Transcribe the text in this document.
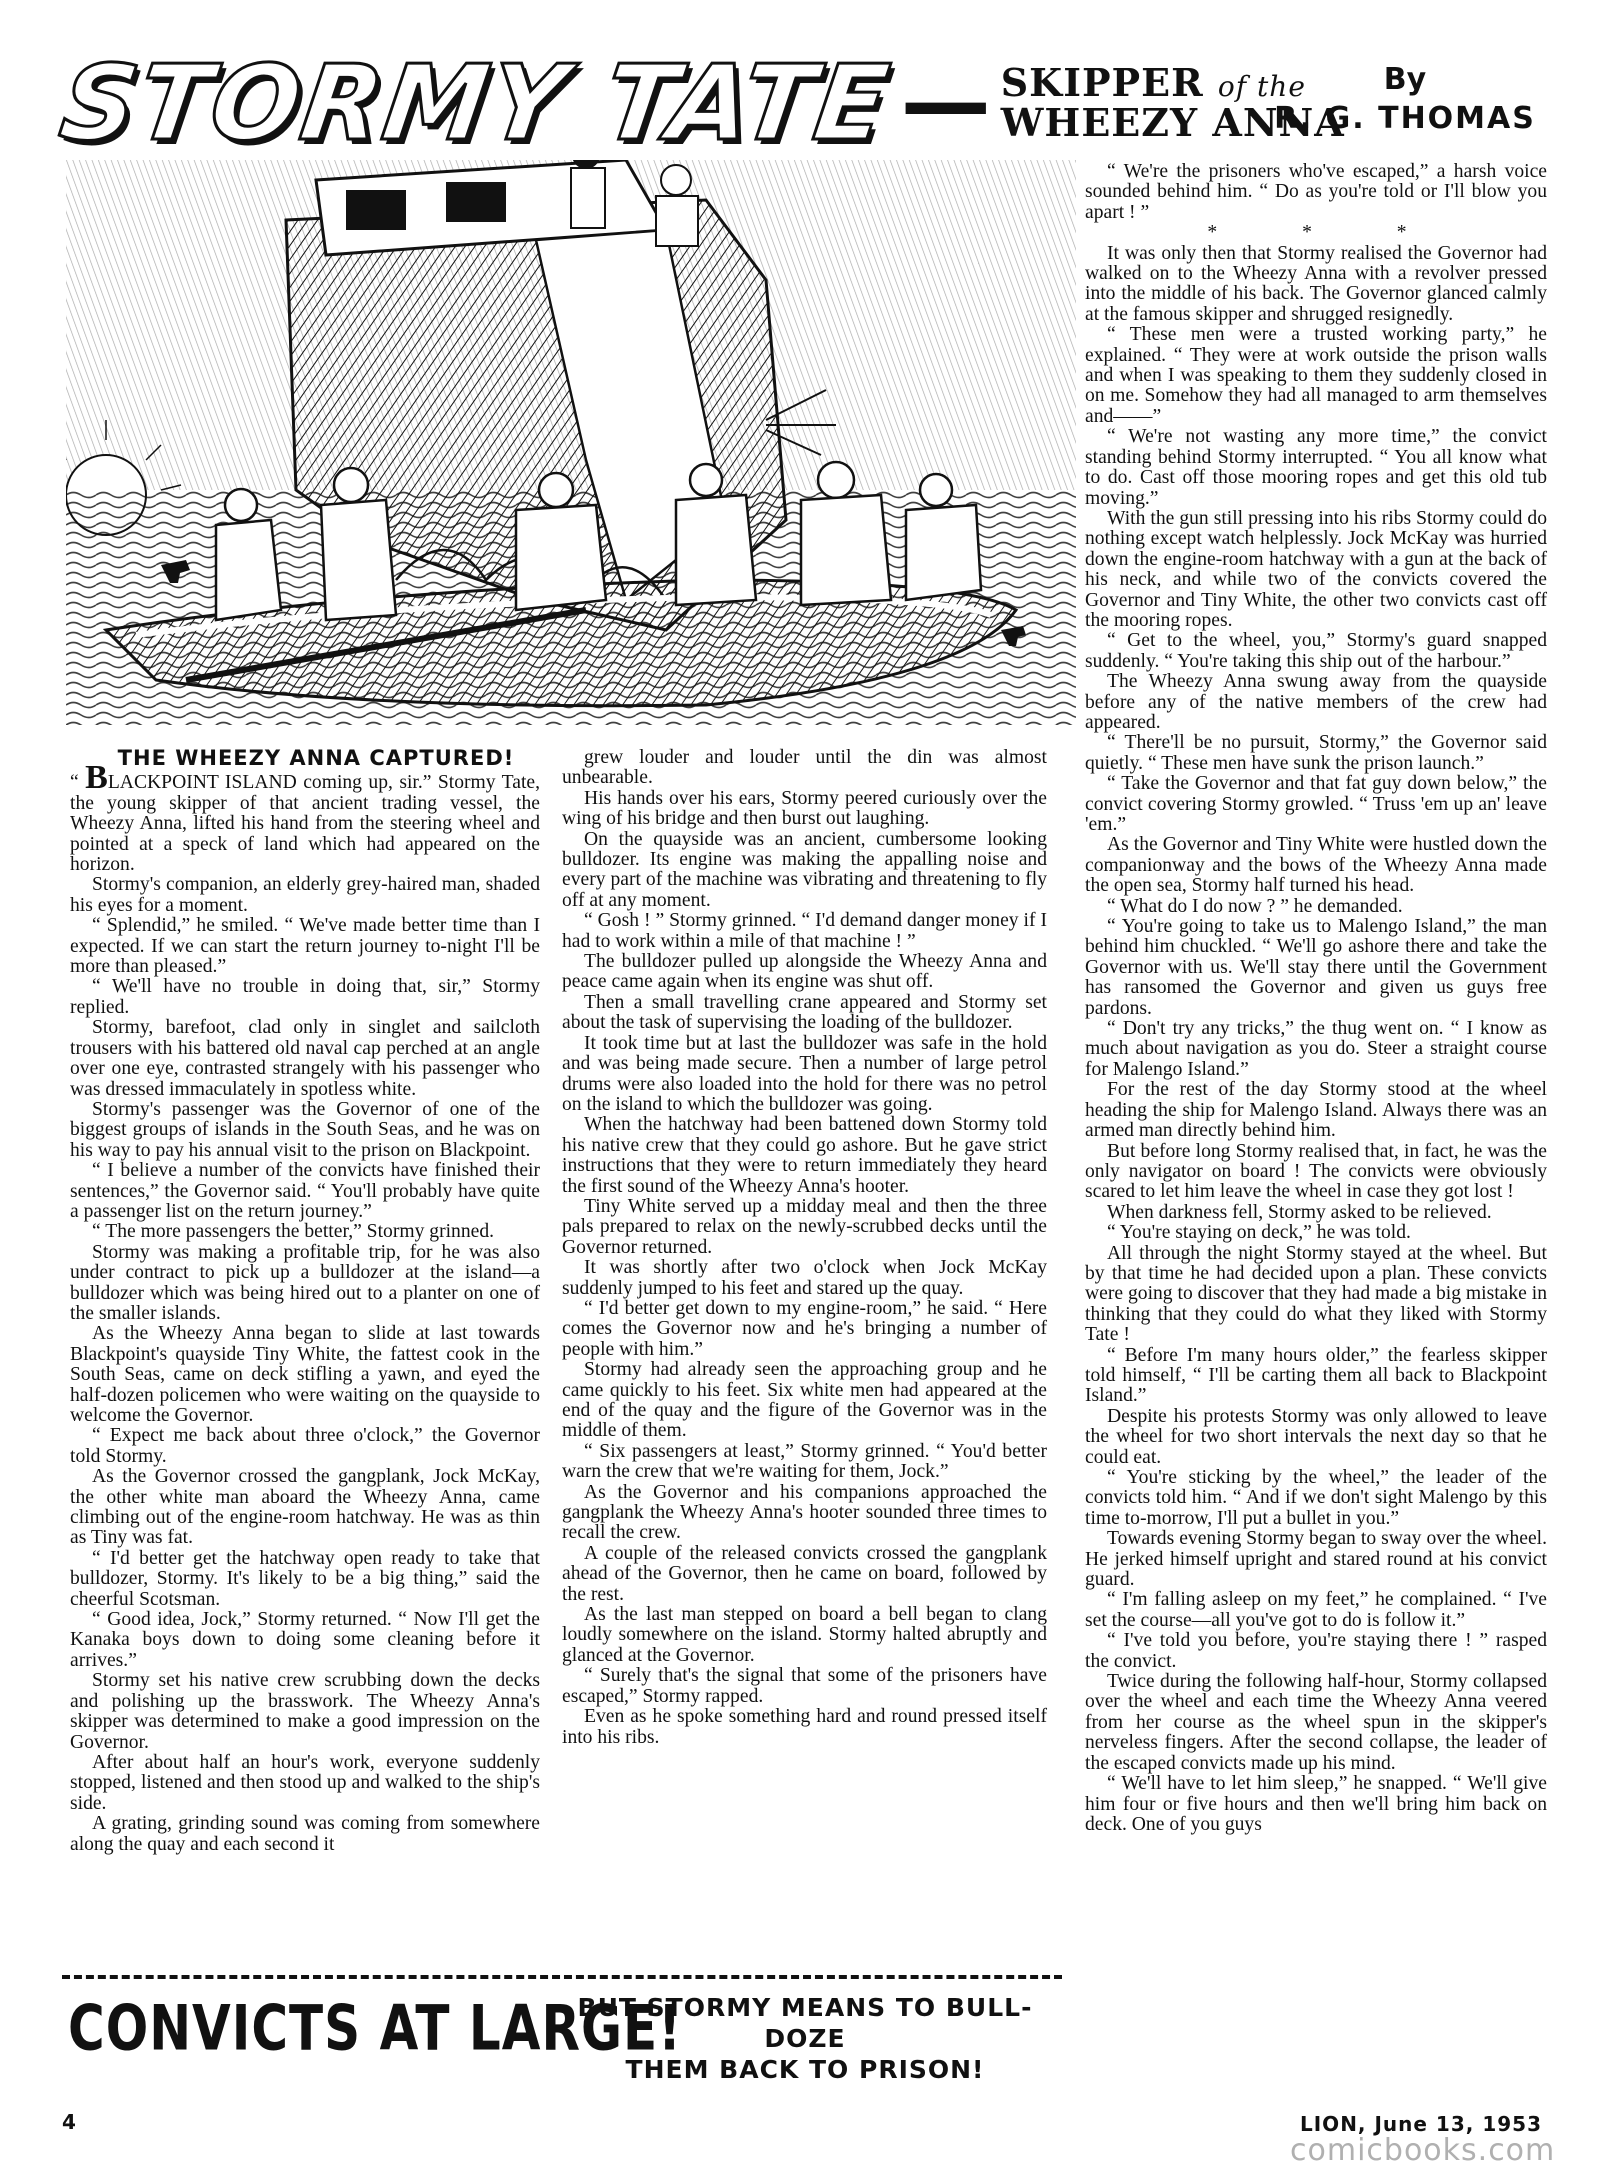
STORMY TATE — SKIPPER of the
WHEEZY ANNA
By
R. G. THOMAS

THE WHEEZY ANNA CAPTURED!

“ BLACKPOINT ISLAND coming up, sir.” Stormy Tate, the young skipper of that ancient trading vessel, the Wheezy Anna, lifted his hand from the steering wheel and pointed at a speck of land which had appeared on the horizon.

Stormy's companion, an elderly grey-haired man, shaded his eyes for a moment.

“ Splendid,” he smiled. “ We've made better time than I expected. If we can start the return journey to-night I'll be more than pleased.”

“ We'll have no trouble in doing that, sir,” Stormy replied.

Stormy, barefoot, clad only in singlet and sailcloth trousers with his battered old naval cap perched at an angle over one eye, contrasted strangely with his passenger who was dressed immaculately in spotless white.

Stormy's passenger was the Governor of one of the biggest groups of islands in the South Seas, and he was on his way to pay his annual visit to the prison on Blackpoint.

“ I believe a number of the convicts have finished their sentences,” the Governor said. “ You'll probably have quite a passenger list on the return journey.”

“ The more passengers the better,” Stormy grinned.

Stormy was making a profitable trip, for he was also under contract to pick up a bulldozer at the island—a bulldozer which was being hired out to a planter on one of the smaller islands.

As the Wheezy Anna began to slide at last towards Blackpoint's quayside Tiny White, the fattest cook in the South Seas, came on deck stifling a yawn, and eyed the half-dozen policemen who were waiting on the quayside to welcome the Governor.

“ Expect me back about three o'clock,” the Governor told Stormy.

As the Governor crossed the gangplank, Jock McKay, the other white man aboard the Wheezy Anna, came climbing out of the engine-room hatchway. He was as thin as Tiny was fat.

“ I'd better get the hatchway open ready to take that bulldozer, Stormy. It's likely to be a big thing,” said the cheerful Scotsman.

“ Good idea, Jock,” Stormy returned. “ Now I'll get the Kanaka boys down to doing some cleaning before it arrives.”

Stormy set his native crew scrubbing down the decks and polishing up the brasswork. The Wheezy Anna's skipper was determined to make a good impression on the Governor.

After about half an hour's work, everyone suddenly stopped, listened and then stood up and walked to the ship's side.

A grating, grinding sound was coming from somewhere along the quay and each second it

grew louder and louder until the din was almost unbearable.

His hands over his ears, Stormy peered curiously over the wing of his bridge and then burst out laughing.

On the quayside was an ancient, cumbersome looking bulldozer. Its engine was making the appalling noise and every part of the machine was vibrating and threatening to fly off at any moment.

“ Gosh ! ” Stormy grinned. “ I'd demand danger money if I had to work within a mile of that machine ! ”

The bulldozer pulled up alongside the Wheezy Anna and peace came again when its engine was shut off.

Then a small travelling crane appeared and Stormy set about the task of supervising the loading of the bulldozer.

It took time but at last the bulldozer was safe in the hold and was being made secure. Then a number of large petrol drums were also loaded into the hold for there was no petrol on the island to which the bulldozer was going.

When the hatchway had been battened down Stormy told his native crew that they could go ashore. But he gave strict instructions that they were to return immediately they heard the first sound of the Wheezy Anna's hooter.

Tiny White served up a midday meal and then the three pals prepared to relax on the newly-scrubbed decks until the Governor returned.

It was shortly after two o'clock when Jock McKay suddenly jumped to his feet and stared up the quay.

“ I'd better get down to my engine-room,” he said. “ Here comes the Governor now and he's bringing a number of people with him.”

Stormy had already seen the approaching group and he came quickly to his feet. Six white men had appeared at the end of the quay and the figure of the Governor was in the middle of them.

“ Six passengers at least,” Stormy grinned. “ You'd better warn the crew that we're waiting for them, Jock.”

As the Governor and his companions approached the gangplank the Wheezy Anna's hooter sounded three times to recall the crew.

A couple of the released convicts crossed the gangplank ahead of the Governor, then he came on board, followed by the rest.

As the last man stepped on board a bell began to clang loudly somewhere on the island. Stormy halted abruptly and glanced at the Governor.

“ Surely that's the signal that some of the prisoners have escaped,” Stormy rapped.

Even as he spoke something hard and round pressed itself into his ribs.

“ We're the prisoners who've escaped,” a harsh voice sounded behind him. “ Do as you're told or I'll blow you apart ! ”

* * *

It was only then that Stormy realised the Governor had walked on to the Wheezy Anna with a revolver pressed into the middle of his back. The Governor glanced calmly at the famous skipper and shrugged resignedly.

“ These men were a trusted working party,” he explained. “ They were at work outside the prison walls and when I was speaking to them they suddenly closed in on me. Somehow they had all managed to arm themselves and——”

“ We're not wasting any more time,” the convict standing behind Stormy interrupted. “ You all know what to do. Cast off those mooring ropes and get this old tub moving.”

With the gun still pressing into his ribs Stormy could do nothing except watch helplessly. Jock McKay was hurried down the engine-room hatchway with a gun at the back of his neck, and while two of the convicts covered the Governor and Tiny White, the other two convicts cast off the mooring ropes.

“ Get to the wheel, you,” Stormy's guard snapped suddenly. “ You're taking this ship out of the harbour.”

The Wheezy Anna swung away from the quayside before any of the native members of the crew had appeared.

“ There'll be no pursuit, Stormy,” the Governor said quietly. “ These men have sunk the prison launch.”

“ Take the Governor and that fat guy down below,” the convict covering Stormy growled. “ Truss 'em up an' leave 'em.”

As the Governor and Tiny White were hustled down the companionway and the bows of the Wheezy Anna made the open sea, Stormy half turned his head.

“ What do I do now ? ” he demanded.

“ You're going to take us to Malengo Island,” the man behind him chuckled. “ We'll go ashore there and take the Governor with us. We'll stay there until the Government has ransomed the Governor and given us guys free pardons.

“ Don't try any tricks,” the thug went on. “ I know as much about navigation as you do. Steer a straight course for Malengo Island.”

For the rest of the day Stormy stood at the wheel heading the ship for Malengo Island. Always there was an armed man directly behind him.

But before long Stormy realised that, in fact, he was the only navigator on board ! The convicts were obviously scared to let him leave the wheel in case they got lost !

When darkness fell, Stormy asked to be relieved.

“ You're staying on deck,” he was told.

All through the night Stormy stayed at the wheel. But by that time he had decided upon a plan. These convicts were going to discover that they had made a big mistake in thinking that they could do what they liked with Stormy Tate !

“ Before I'm many hours older,” the fearless skipper told himself, “ I'll be carting them all back to Blackpoint Island.”

Despite his protests Stormy was only allowed to leave the wheel for two short intervals the next day so that he could eat.

“ You're sticking by the wheel,” the leader of the convicts told him. “ And if we don't sight Malengo by this time to-morrow, I'll put a bullet in you.”

Towards evening Stormy began to sway over the wheel. He jerked himself upright and stared round at his convict guard.

“ I'm falling asleep on my feet,” he complained. “ I've set the course—all you've got to do is follow it.”

“ I've told you before, you're staying there ! ” rasped the convict.

Twice during the following half-hour, Stormy collapsed over the wheel and each time the Wheezy Anna veered from her course as the wheel spun in the skipper's nerveless fingers. After the second collapse, the leader of the escaped convicts made up his mind.

“ We'll have to let him sleep,” he snapped. “ We'll give him four or five hours and then we'll bring him back on deck. One of you guys

CONVICTS AT LARGE!
BUT STORMY MEANS TO BULL-DOZE
THEM BACK TO PRISON!
4	LION, June 13, 1953
comicbooks.com
